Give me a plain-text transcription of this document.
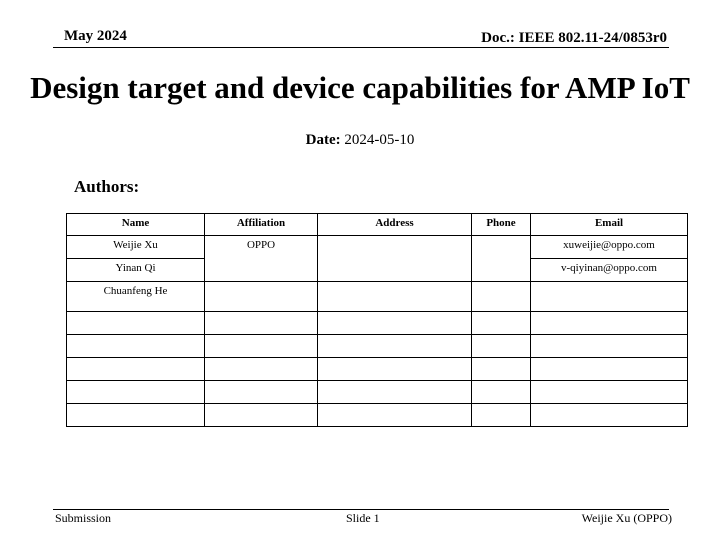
May 2024	Doc.: IEEE 802.11-24/0853r0
Design target and device capabilities for AMP IoT
Date: 2024-05-10
Authors:
Name	Affiliation	Address	Phone	Email
Weijie Xu	OPPO			xuweijie@oppo.com
Yinan Qi				v-qiyinan@oppo.com
Chuanfeng He				

Submission	Slide 1	Weijie Xu (OPPO)
